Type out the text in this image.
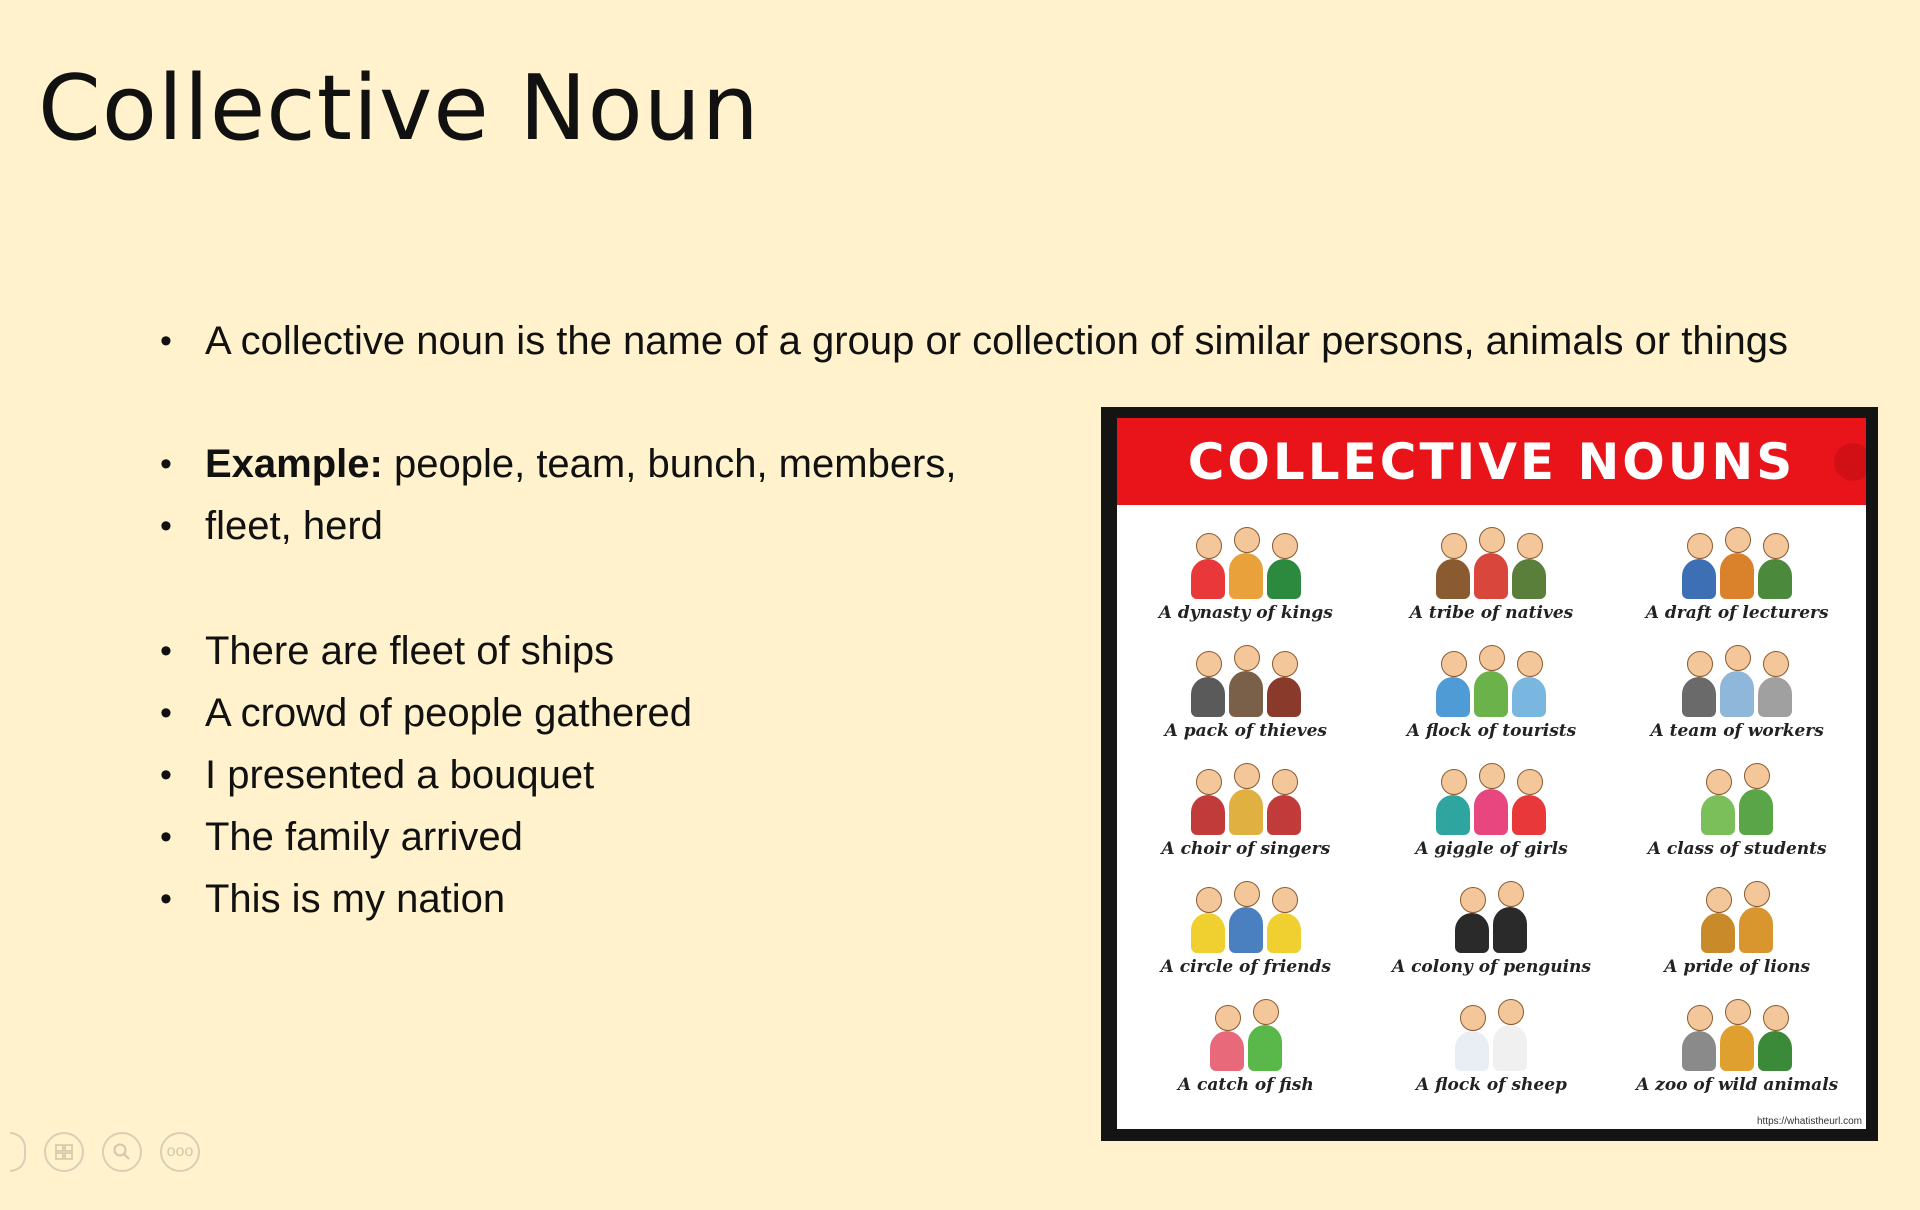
Collective Noun
• A collective noun is the name of a group or collection of similar persons, animals or things
• Example: people, team, bunch, members,
• fleet, herd
• There are fleet of ships
• A crowd of people gathered
• I presented a bouquet
• The family arrived
• This is my nation
COLLECTIVE NOUNS
A dynasty of kings	A tribe of natives	A draft of lecturers
A pack of thieves	A flock of tourists	A team of workers
A choir of singers	A giggle of girls	A class of students
A circle of friends	A colony of penguins	A pride of lions
A catch of fish	A flock of sheep	A zoo of wild animals
https://whatistheurl.com
ooo
